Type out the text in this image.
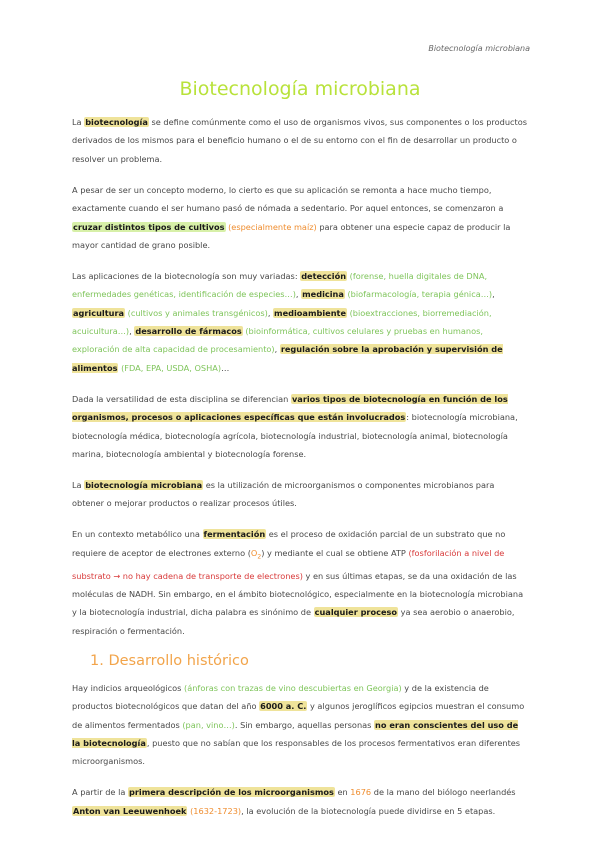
Biotecnología microbiana
Biotecnología microbiana

La biotecnología se define comúnmente como el uso de organismos vivos, sus componentes o los productos derivados de los mismos para el beneficio humano o el de su entorno con el fin de desarrollar un producto o resolver un problema.

A pesar de ser un concepto moderno, lo cierto es que su aplicación se remonta a hace mucho tiempo, exactamente cuando el ser humano pasó de nómada a sedentario. Por aquel entonces, se comenzaron a cruzar distintos tipos de cultivos (especialmente maíz) para obtener una especie capaz de producir la mayor cantidad de grano posible.

Las aplicaciones de la biotecnología son muy variadas: detección (forense, huella digitales de DNA, enfermedades genéticas, identificación de especies…), medicina (biofarmacología, terapia génica…), agricultura (cultivos y animales transgénicos), medioambiente (bioextracciones, biorremediación, acuicultura…), desarrollo de fármacos (bioinformática, cultivos celulares y pruebas en humanos, exploración de alta capacidad de procesamiento), regulación sobre la aprobación y supervisión de alimentos (FDA, EPA, USDA, OSHA)…

Dada la versatilidad de esta disciplina se diferencian varios tipos de biotecnología en función de los organismos, procesos o aplicaciones específicas que están involucrados: biotecnología microbiana, biotecnología médica, biotecnología agrícola, biotecnología industrial, biotecnología animal, biotecnología marina, biotecnología ambiental y biotecnología forense.

La biotecnología microbiana es la utilización de microorganismos o componentes microbianos para obtener o mejorar productos o realizar procesos útiles.

En un contexto metabólico una fermentación es el proceso de oxidación parcial de un substrato que no requiere de aceptor de electrones externo $(O_2)$ y mediante el cual se obtiene ATP (fosforilación a nivel de substrato → no hay cadena de transporte de electrones) y en sus últimas etapas, se da una oxidación de las moléculas de NADH. Sin embargo, en el ámbito biotecnológico, especialmente en la biotecnología microbiana y la biotecnología industrial, dicha palabra es sinónimo de cualquier proceso ya sea aerobio o anaerobio, respiración o fermentación.

1. Desarrollo histórico

Hay indicios arqueológicos (ánforas con trazas de vino descubiertas en Georgia) y de la existencia de productos biotecnológicos que datan del año 6000 a. C. y algunos jeroglíficos egipcios muestran el consumo de alimentos fermentados (pan, vino…). Sin embargo, aquellas personas no eran conscientes del uso de la biotecnología, puesto que no sabían que los responsables de los procesos fermentativos eran diferentes microorganismos.

A partir de la primera descripción de los microorganismos en 1676 de la mano del biólogo neerlandés Anton van Leeuwenhoek (1632-1723), la evolución de la biotecnología puede dividirse en 5 etapas.
